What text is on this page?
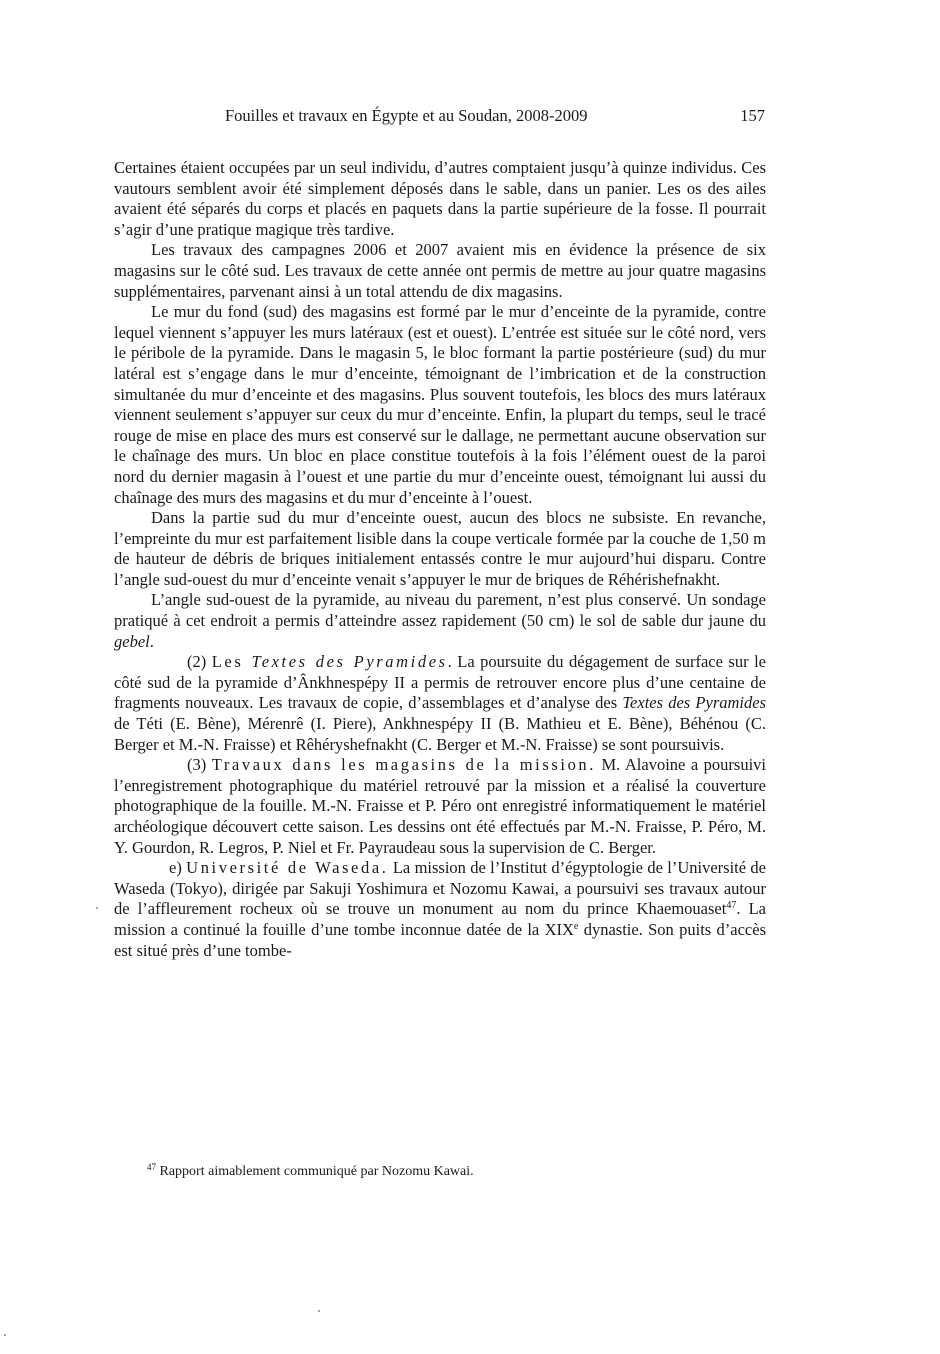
Fouilles et travaux en Égypte et au Soudan, 2008-2009	157

Certaines étaient occupées par un seul individu, d’autres comptaient jusqu’à quinze individus. Ces vautours semblent avoir été simplement déposés dans le sable, dans un panier. Les os des ailes avaient été séparés du corps et placés en paquets dans la partie supérieure de la fosse. Il pourrait s’agir d’une pratique magique très tardive.

Les travaux des campagnes 2006 et 2007 avaient mis en évidence la présence de six magasins sur le côté sud. Les travaux de cette année ont permis de mettre au jour quatre magasins supplémentaires, parvenant ainsi à un total attendu de dix magasins.

Le mur du fond (sud) des magasins est formé par le mur d’enceinte de la pyramide, contre lequel viennent s’appuyer les murs latéraux (est et ouest). L’entrée est située sur le côté nord, vers le péribole de la pyramide. Dans le magasin 5, le bloc formant la partie postérieure (sud) du mur latéral est s’engage dans le mur d’enceinte, témoignant de l’imbrication et de la construction simultanée du mur d’enceinte et des magasins. Plus souvent toutefois, les blocs des murs latéraux viennent seulement s’appuyer sur ceux du mur d’enceinte. Enfin, la plupart du temps, seul le tracé rouge de mise en place des murs est conservé sur le dallage, ne permettant aucune observation sur le chaînage des murs. Un bloc en place constitue toutefois à la fois l’élément ouest de la paroi nord du dernier magasin à l’ouest et une partie du mur d’enceinte ouest, témoignant lui aussi du chaînage des murs des magasins et du mur d’enceinte à l’ouest.

Dans la partie sud du mur d’enceinte ouest, aucun des blocs ne subsiste. En revanche, l’empreinte du mur est parfaitement lisible dans la coupe verticale formée par la couche de 1,50 m de hauteur de débris de briques initialement entassés contre le mur aujourd’hui disparu. Contre l’angle sud-ouest du mur d’enceinte venait s’appuyer le mur de briques de Réhérishefnakht.

L’angle sud-ouest de la pyramide, au niveau du parement, n’est plus conservé. Un sondage pratiqué à cet endroit a permis d’atteindre assez rapidement (50 cm) le sol de sable dur jaune du gebel.

(2) Les Textes des Pyramides. La poursuite du dégagement de surface sur le côté sud de la pyramide d’Ânkhnespépy II a permis de retrouver encore plus d’une centaine de fragments nouveaux. Les travaux de copie, d’assemblages et d’analyse des Textes des Pyramides de Téti (E. Bène), Mérenrê (I. Piere), Ankhnespépy II (B. Mathieu et E. Bène), Béhénou (C. Berger et M.-N. Fraisse) et Rêhéryshefnakht (C. Berger et M.-N. Fraisse) se sont poursuivis.

(3) Travaux dans les magasins de la mission. M. Alavoine a poursuivi l’enregistrement photographique du matériel retrouvé par la mission et a réalisé la couverture photographique de la fouille. M.-N. Fraisse et P. Péro ont enregistré informatiquement le matériel archéologique découvert cette saison. Les dessins ont été effectués par M.-N. Fraisse, P. Péro, M. Y. Gourdon, R. Legros, P. Niel et Fr. Payraudeau sous la supervision de C. Berger.

e) Université de Waseda. La mission de l’Institut d’égyptologie de l’Université de Waseda (Tokyo), dirigée par Sakuji Yoshimura et Nozomu Kawai, a poursuivi ses travaux autour de l’affleurement rocheux où se trouve un monument au nom du prince Khaemouaset$^{47}$. La mission a continué la fouille d’une tombe inconnue datée de la XIXe dynastie. Son puits d’accès est situé près d’une tombe-

$^{47}$ Rapport aimablement communiqué par Nozomu Kawai.
